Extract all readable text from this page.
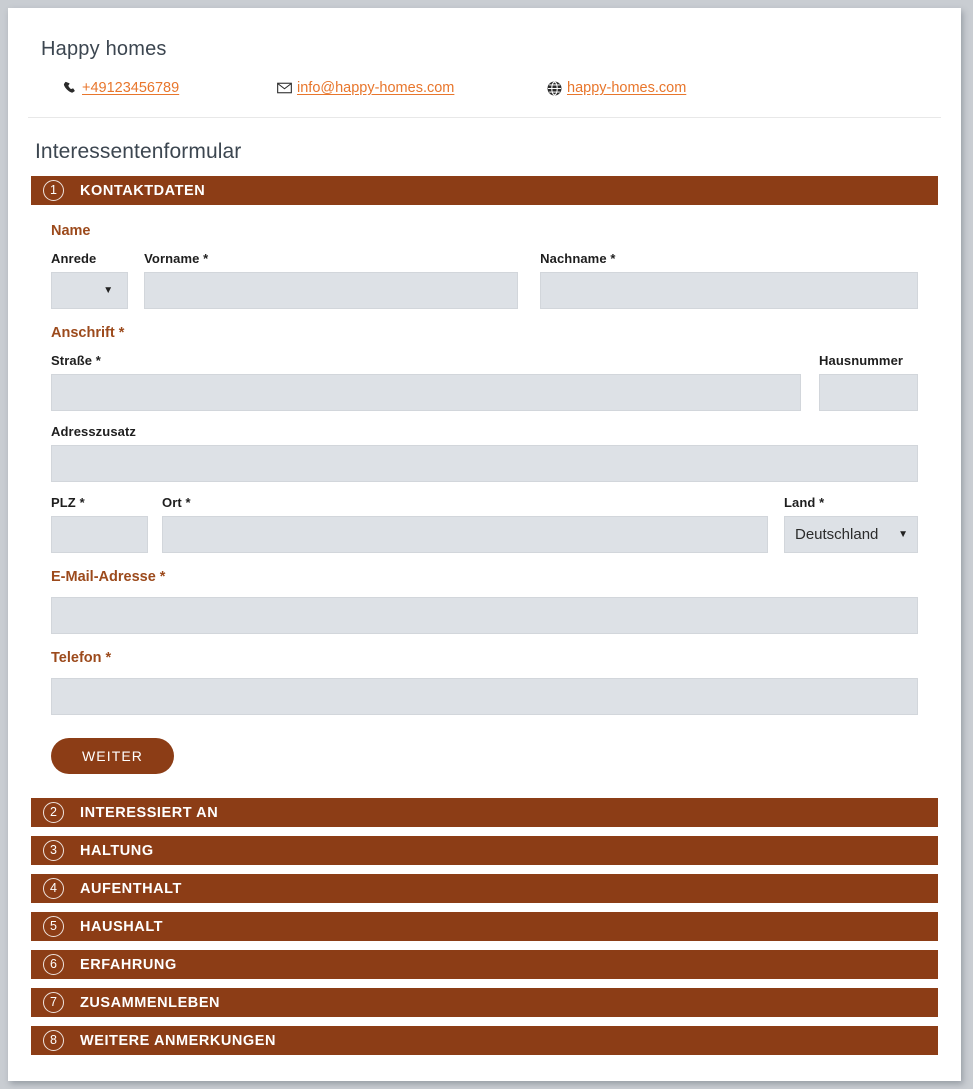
Happy homes
+49123456789	info@happy-homes.com	happy-homes.com
Interessentenformular
1	KONTAKTDATEN
Name
Anrede
▼
Vorname *	Nachname *
Anschrift *
Straße *	Hausnummer
Adresszusatz
PLZ *	Ort *	Land *
Deutschland ▼
E-Mail-Adresse *
Telefon *
WEITER
2	INTERESSIERT AN
3	HALTUNG
4	AUFENTHALT
5	HAUSHALT
6	ERFAHRUNG
7	ZUSAMMENLEBEN
8	WEITERE ANMERKUNGEN
